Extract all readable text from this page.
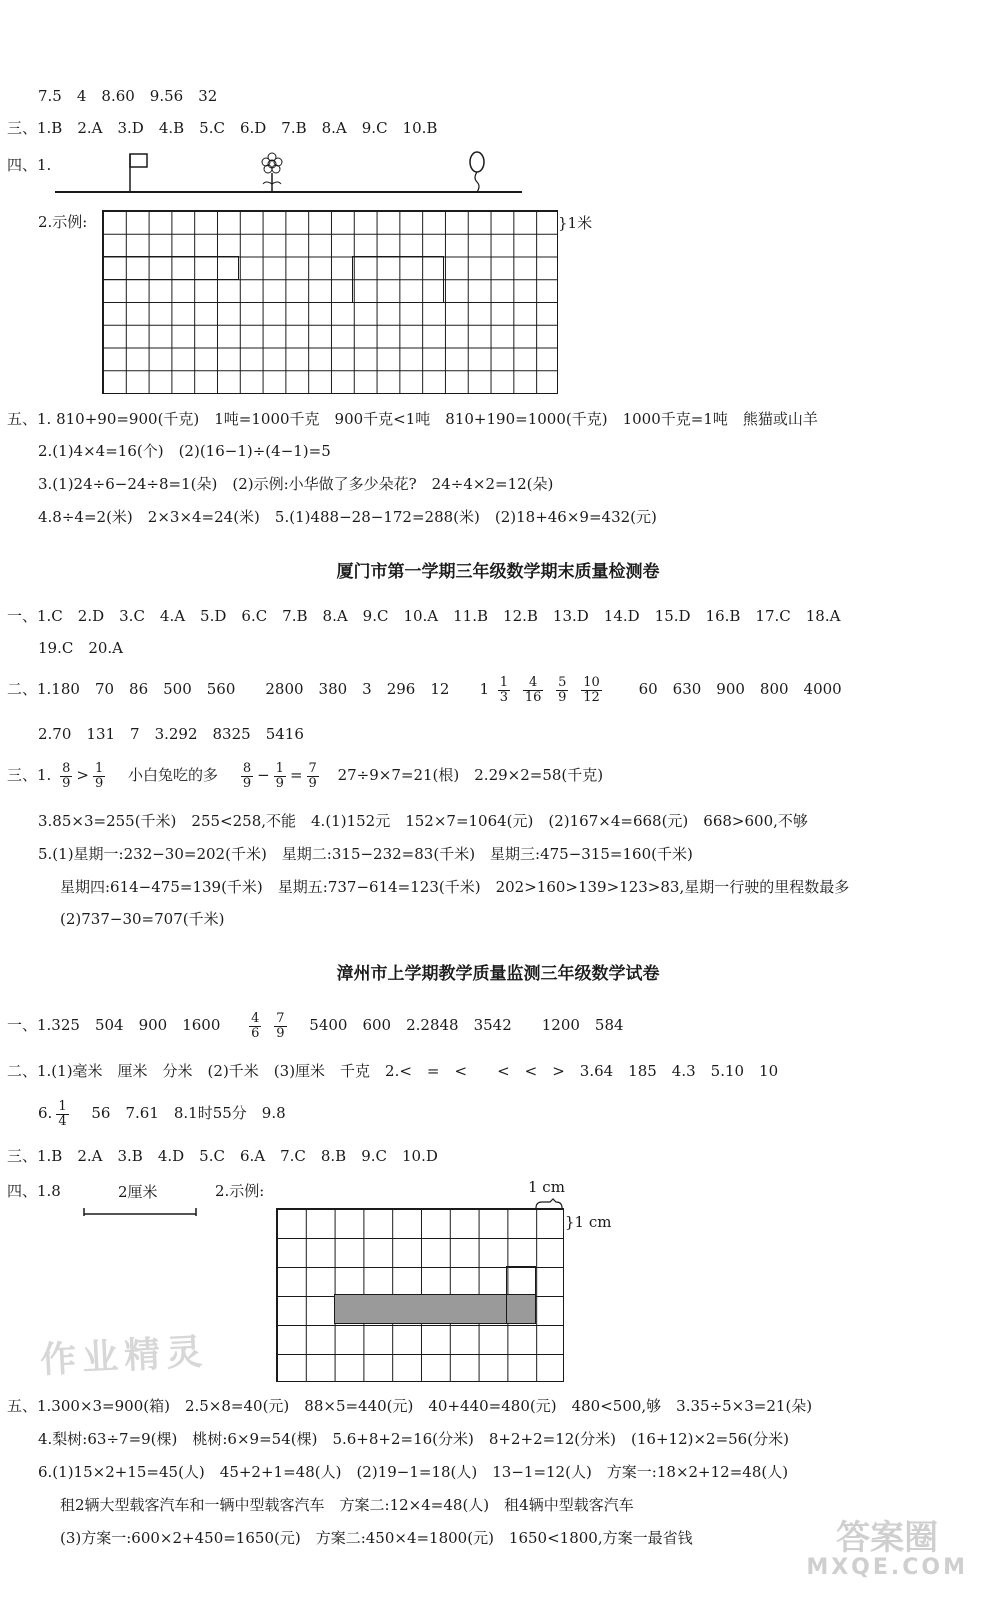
7.5　4　8.60　9.56　32
三、1.B　2.A　3.D　4.B　5.C　6.D　7.B　8.A　9.C　10.B
四、1.
2.示例:	}1米
五、1. 810+90=900(千克)　1吨=1000千克　900千克<1吨　810+190=1000(千克)　1000千克=1吨　熊猫或山羊
2.(1)4×4=16(个)　(2)(16−1)÷(4−1)=5
3.(1)24÷6−24÷8=1(朵)　(2)示例:小华做了多少朵花?　24÷4×2=12(朵)
4.8÷4=2(米)　2×3×4=24(米)　5.(1)488−28−172=288(米)　(2)18+46×9=432(元)
厦门市第一学期三年级数学期末质量检测卷
一、1.C　2.D　3.C　4.A　5.D　6.C　7.B　8.A　9.C　10.A　11.B　12.B　13.D　14.D　15.D　16.B　17.C　18.A
19.C　20.A
二、1.180　70　86　500　560　　2800　380　3　296　12　　$1 \frac{1}{3}$
$\frac{4}{16}$
$\frac{5}{9}$
$\frac{10}{12} 60$　630　900　800　4000
2.70　131　7　3.292　8325　5416
三、1. $\frac{8}{9} > \frac{1}{9}$ 小白兔吃的多 $\frac{8}{9} - \frac{1}{9} = \frac{7}{9} 27\div 9\times 7=21$(根)　2.29×2=58(千克)
3.85×3=255(千米)　255<258,不能　4.(1)152元　152×7=1064(元)　(2)167×4=668(元)　668>600,不够
5.(1)星期一:232−30=202(千米)　星期二:315−232=83(千米)　星期三:475−315=160(千米)
星期四:614−475=139(千米)　星期五:737−614=123(千米)　202>160>139>123>83,星期一行驶的里程数最多
(2)737−30=707(千米)
漳州市上学期教学质量监测三年级数学试卷
一、1.325　504　900　$1600 \frac{4}{6}$
$\frac{7}{9} 5400$　600　2.2848　3542　　1200　584
二、1.(1)毫米　厘米　分米　(2)千米　(3)厘米　千克　2.<　=　<　　<　<　>　3.64　185　4.3　5.10　10
6. $\frac{1}{4} 56$　7.61　8.1时55分　9.8
三、1.B　2.A　3.B　4.D　5.C　6.A　7.C　8.B　9.C　10.D
四、1.8	2厘米	2.示例:	1 cm
}1 cm
作业精灵
五、1.300×3=900(箱)　2.5×8=40(元)　88×5=440(元)　40+440=480(元)　480<500,够　3.35÷5×3=21(朵)
4.梨树:63÷7=9(棵)　桃树:6×9=54(棵)　5.6+8+2=16(分米)　8+2+2=12(分米)　(16+12)×2=56(分米)
6.(1)15×2+15=45(人)　45+2+1=48(人)　(2)19−1=18(人)　13−1=12(人)　方案一:18×2+12=48(人)
租2辆大型载客汽车和一辆中型载客汽车　方案二:12×4=48(人)　租4辆中型载客汽车
(3)方案一:600×2+450=1650(元)　方案二:450×4=1800(元)　1650<1800,方案一最省钱	答案圈
MXQE.COM
